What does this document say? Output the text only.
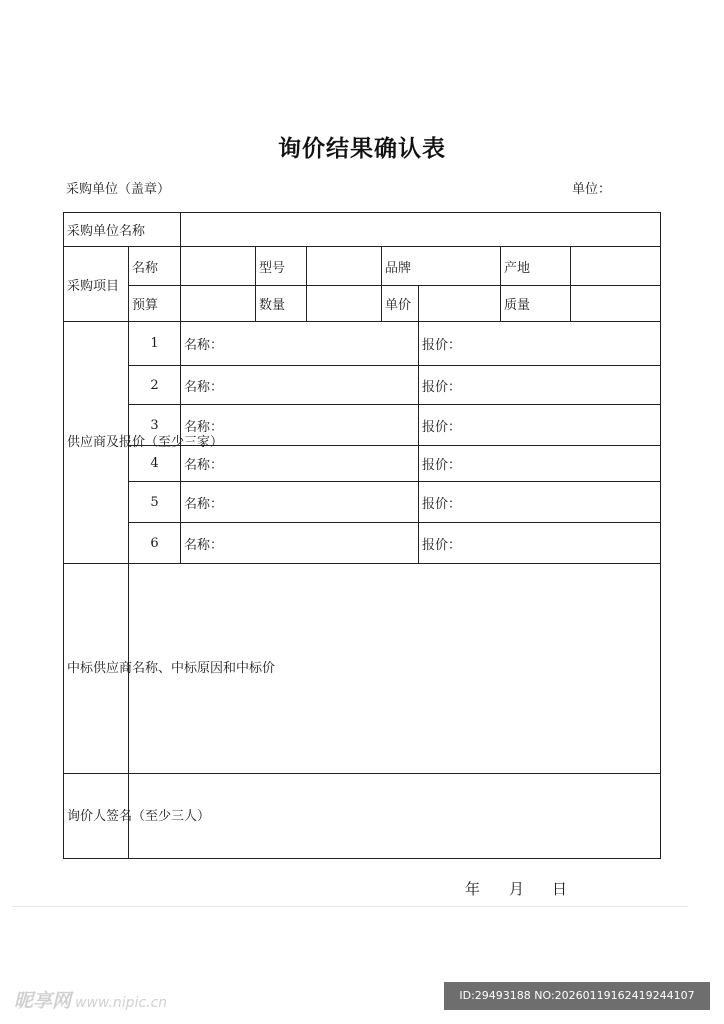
询价结果确认表
采购单位（盖章）	单位：
采购单位名称								
采购项目	名称		型号		品牌		产地	
	预算		数量		单价		质量	
供应商及报价（至少三家）	1	名称：				报价：		
	2	名称：				报价：		
	3	名称：				报价：		
	4	名称：				报价：		
	5	名称：				报价：		
	6	名称：				报价：		
中标供应商名称、中标原因和中标价								
询价人签名（至少三人）								
年 月 日
昵享网 www.nipic.cn	ID:29493188 NO:20260119162419244107
